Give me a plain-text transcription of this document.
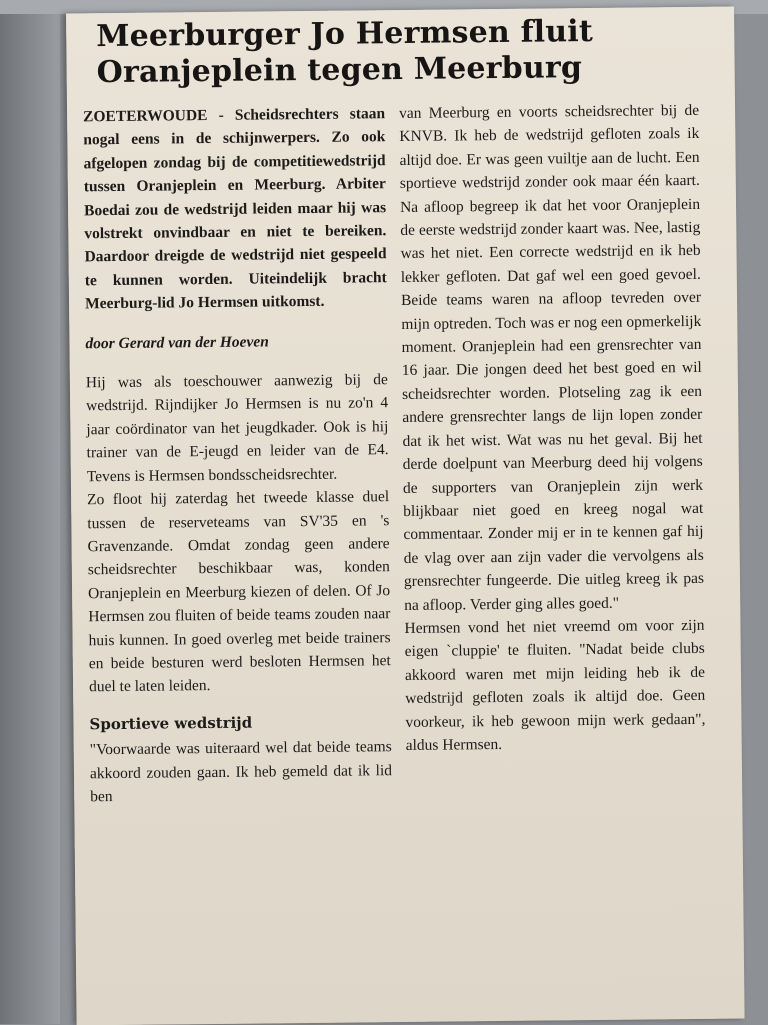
Meerburger Jo Hermsen fluit
Oranjeplein tegen Meerburg

ZOETERWOUDE - Scheidsrechters staan nogal eens in de schijnwerpers. Zo ook afgelopen zondag bij de competitiewedstrijd tussen Oranjeplein en Meerburg. Arbiter Boedai zou de wedstrijd leiden maar hij was volstrekt onvindbaar en niet te bereiken. Daardoor dreigde de wedstrijd niet gespeeld te kunnen worden. Uiteindelijk bracht Meerburg-lid Jo Hermsen uitkomst.

door Gerard van der Hoeven

Hij was als toeschouwer aanwezig bij de wedstrijd. Rijndijker Jo Hermsen is nu zo'n 4 jaar coördinator van het jeugdkader. Ook is hij trainer van de E-jeugd en leider van de E4. Tevens is Hermsen bondsscheidsrechter.

Zo floot hij zaterdag het tweede klasse duel tussen de reserveteams van SV'35 en 's Gravenzande. Omdat zondag geen andere scheidsrechter beschikbaar was, konden Oranjeplein en Meerburg kiezen of delen. Of Jo Hermsen zou fluiten of beide teams zouden naar huis kunnen. In goed overleg met beide trainers en beide besturen werd besloten Hermsen het duel te laten leiden.

Sportieve wedstrijd

"Voorwaarde was uiteraard wel dat beide teams akkoord zouden gaan. Ik heb gemeld dat ik lid ben

van Meerburg en voorts scheidsrechter bij de KNVB. Ik heb de wedstrijd gefloten zoals ik altijd doe. Er was geen vuiltje aan de lucht. Een sportieve wedstrijd zonder ook maar één kaart. Na afloop begreep ik dat het voor Oranjeplein de eerste wedstrijd zonder kaart was. Nee, lastig was het niet. Een correcte wedstrijd en ik heb lekker gefloten. Dat gaf wel een goed gevoel. Beide teams waren na afloop tevreden over mijn optreden. Toch was er nog een opmerkelijk moment. Oranjeplein had een grensrechter van 16 jaar. Die jongen deed het best goed en wil scheidsrechter worden. Plotseling zag ik een andere grensrechter langs de lijn lopen zonder dat ik het wist. Wat was nu het geval. Bij het derde doelpunt van Meerburg deed hij volgens de supporters van Oranjeplein zijn werk blijkbaar niet goed en kreeg nogal wat commentaar. Zonder mij er in te kennen gaf hij de vlag over aan zijn vader die vervolgens als grensrechter fungeerde. Die uitleg kreeg ik pas na afloop. Verder ging alles goed."

Hermsen vond het niet vreemd om voor zijn eigen `cluppie' te fluiten. "Nadat beide clubs akkoord waren met mijn leiding heb ik de wedstrijd gefloten zoals ik altijd doe. Geen voorkeur, ik heb gewoon mijn werk gedaan", aldus Hermsen.
